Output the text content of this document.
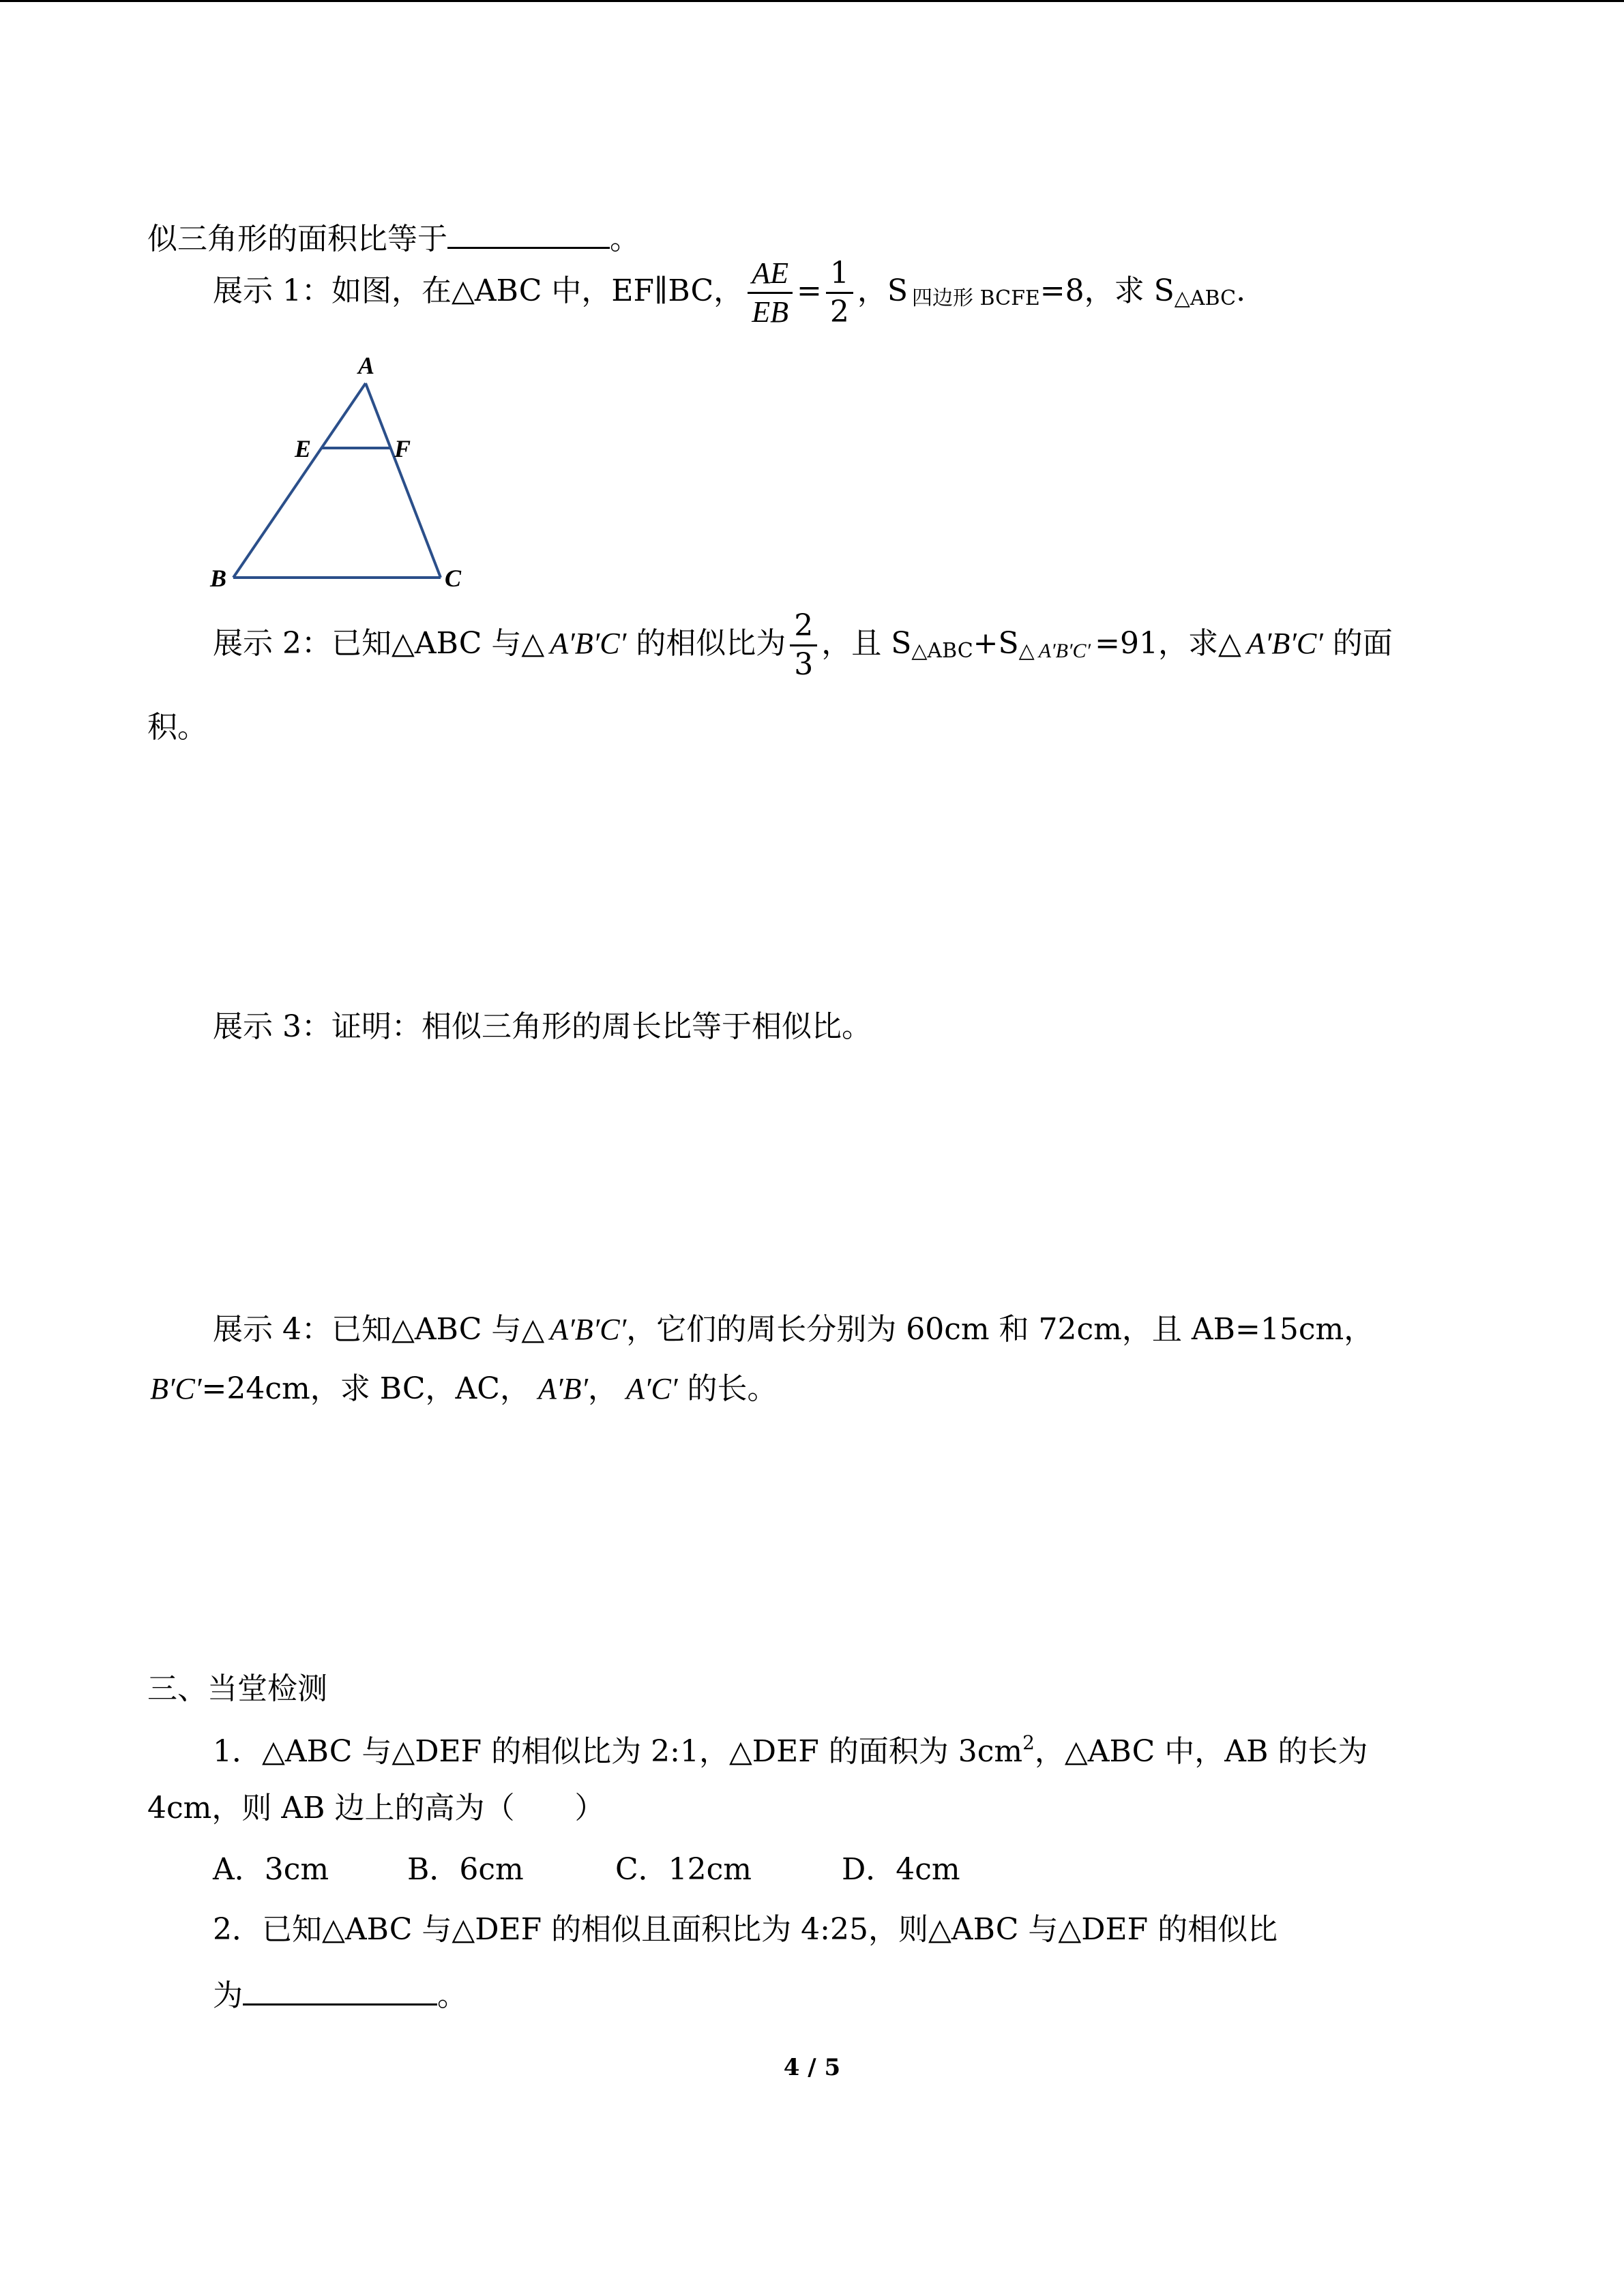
似三角形的面积比等于	。
展示 1：如图，在△ABC 中，EF∥BC， $\frac{AE}{EB} = \frac{1}{2}$ ，S $_{四边形 BCFE}$=8，求 $S_{\triangle ABC}$.
A
E	F
B	C
展示 2：已知△ABC 与△ A′B′C′ 的相似比为 $\frac{2}{3}$ ，且 $S_{\triangle ABC}+S_\triangle$ $_{A'B'C'}$ =91，求△ A′B′C′ 的面
积。
展示 3：证明：相似三角形的周长比等于相似比。
展示 4：已知△ABC 与△ A′B′C′，它们的周长分别为 60cm 和 72cm，且 AB=15cm，
B′C′=24cm，求 BC，AC， A′B′， A′C′ 的长。
三、当堂检测
1．△ABC 与△DEF 的相似比为 2:1，△DEF 的面积为 $3cm^2$，△ABC 中，AB 的长为
4cm，则 AB 边上的高为（　　）
A．3cm	B．6cm	C．12cm	D．4cm
2．已知△ABC 与△DEF 的相似且面积比为 4:25，则△ABC 与△DEF 的相似比
为	。
4 / 5
